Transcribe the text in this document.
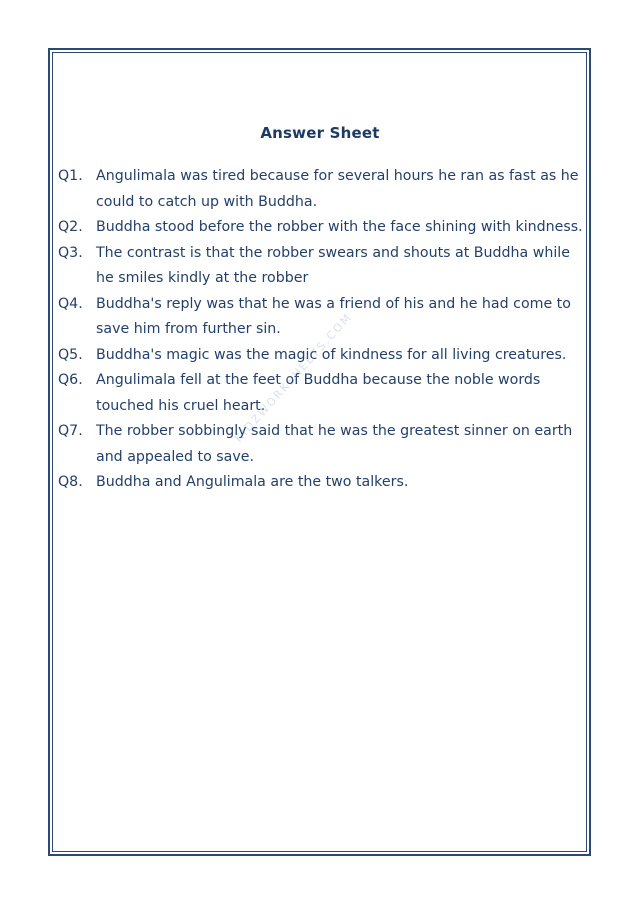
Answer Sheet
Q1. Angulimala was tired because for several hours he ran as fast as he could to catch up with Buddha.
Q2. Buddha stood before the robber with the face shining with kindness.
Q3. The contrast is that the robber swears and shouts at Buddha while he smiles kindly at the robber
Q4. Buddha's reply was that he was a friend of his and he had come to save him from further sin.
Q5. Buddha's magic was the magic of kindness for all living creatures.
Q6. Angulimala fell at the feet of Buddha because the noble words touched his cruel heart.
Q7. The robber sobbingly said that he was the greatest sinner on earth and appealed to save.
Q8. Buddha and Angulimala are the two talkers.
KIDZWORKSHEETS.COM
